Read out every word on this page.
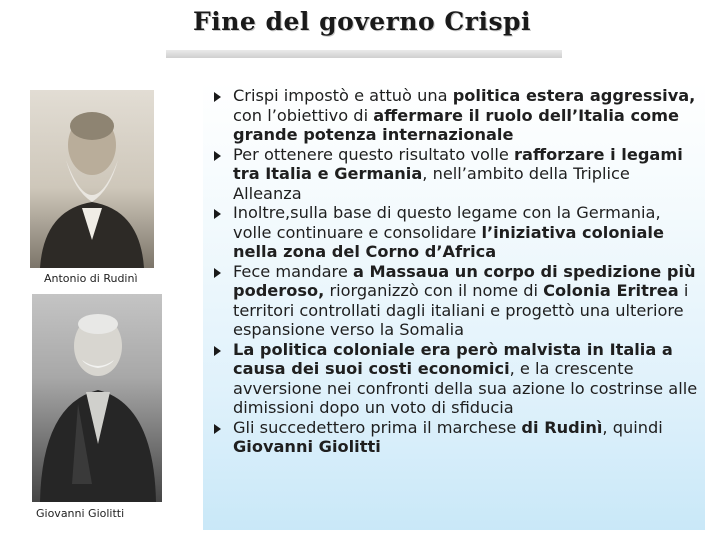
Fine del governo Crispi
Antonio di Rudinì
Giovanni Giolitti
Crispi impostò e attuò una politica estera aggressiva, con l’obiettivo di affermare il ruolo dell’Italia come grande potenza internazionale
Per ottenere questo risultato volle rafforzare i legami tra Italia e Germania, nell’ambito della Triplice Alleanza
Inoltre,sulla base di questo legame con la Germania, volle continuare e consolidare l’iniziativa coloniale nella zona del Corno d’Africa
Fece mandare a Massaua un corpo di spedizione più poderoso, riorganizzò con il nome di Colonia Eritrea i territori controllati dagli italiani e progettò una ulteriore espansione verso la Somalia
La politica coloniale era però malvista in Italia a causa dei suoi costi economici, e la crescente avversione nei confronti della sua azione lo costrinse alle dimissioni dopo un voto di sfiducia
Gli succedettero prima il marchese di Rudinì, quindi Giovanni Giolitti
